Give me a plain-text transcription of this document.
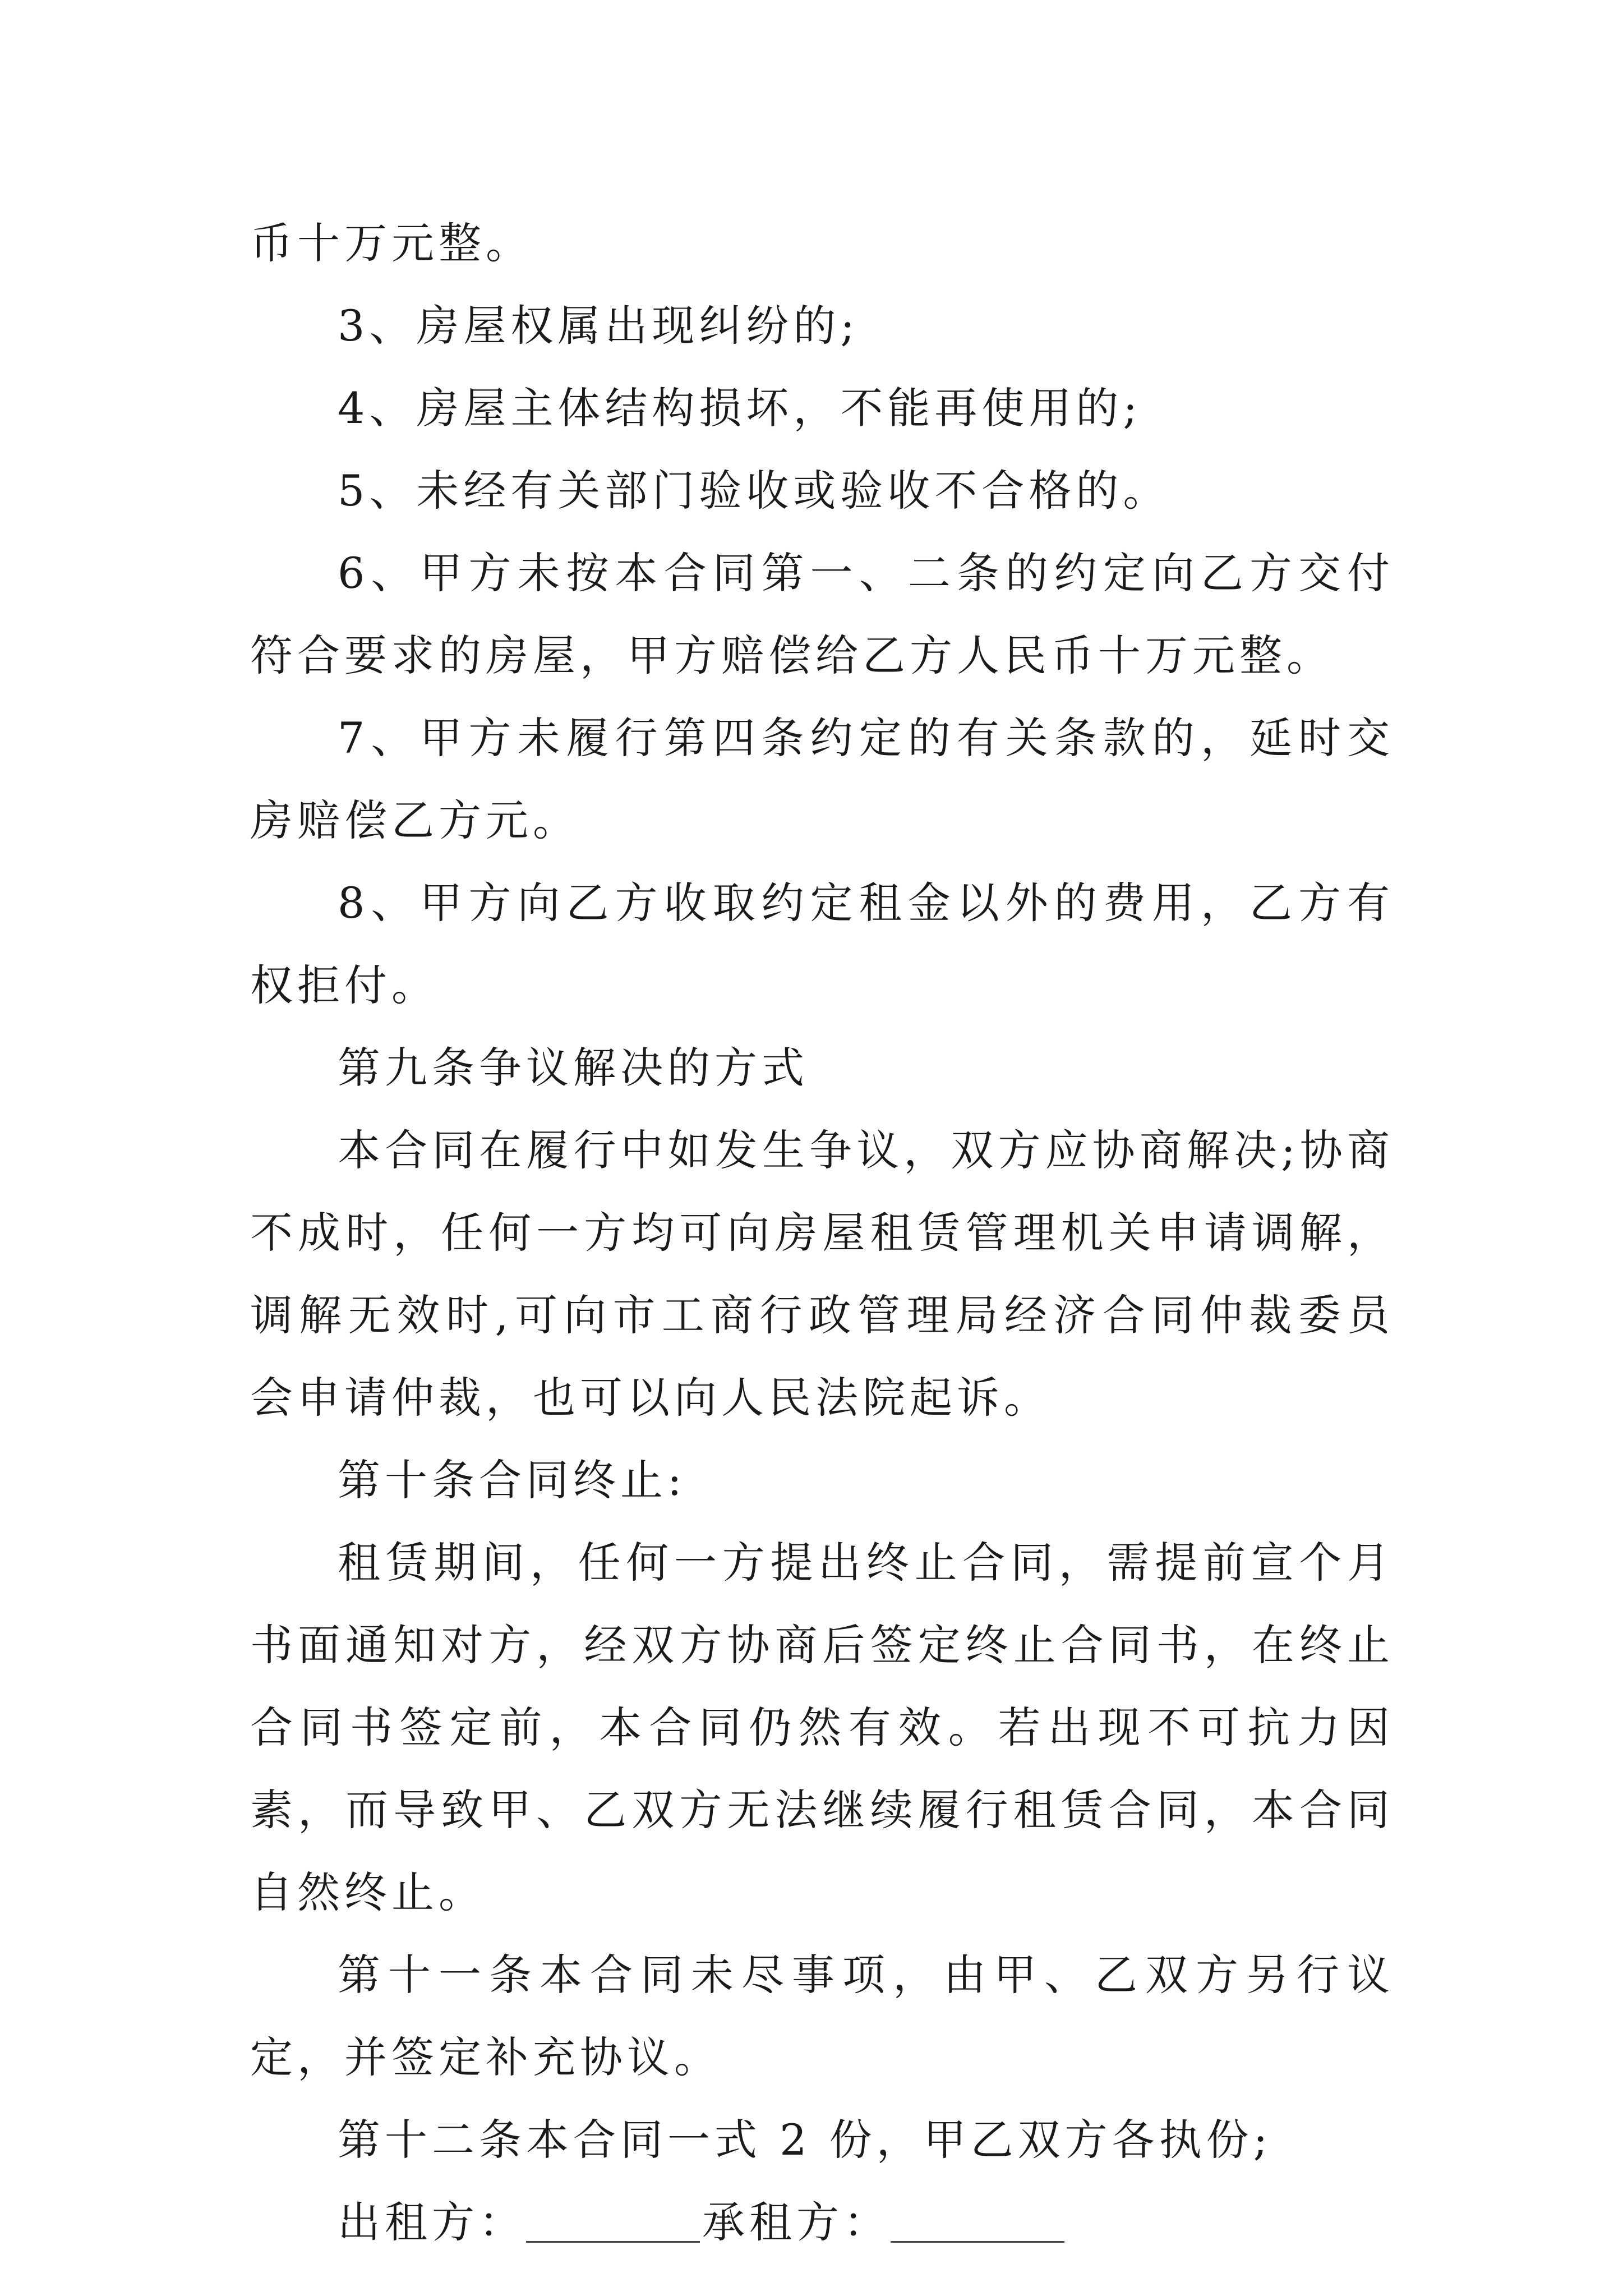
币十万元整。

3、房屋权属出现纠纷的;

4、房屋主体结构损坏，不能再使用的;

5、未经有关部门验收或验收不合格的。

6、甲方未按本合同第一、二条的约定向乙方交付符合要求的房屋，甲方赔偿给乙方人民币十万元整。

7、甲方未履行第四条约定的有关条款的，延时交房赔偿乙方元。

8、甲方向乙方收取约定租金以外的费用，乙方有权拒付。

第九条争议解决的方式

本合同在履行中如发生争议，双方应协商解决;协商不成时，任何一方均可向房屋租赁管理机关申请调解，调解无效时,可向市工商行政管理局经济合同仲裁委员会申请仲裁，也可以向人民法院起诉。

第十条合同终止:

租赁期间，任何一方提出终止合同，需提前宣个月书面通知对方，经双方协商后签定终止合同书，在终止合同书签定前，本合同仍然有效。若出现不可抗力因素，而导致甲、乙双方无法继续履行租赁合同，本合同自然终止。

第十一条本合同未尽事项，由甲、乙双方另行议定，并签定补充协议。

第十二条本合同一式 2 份，甲乙双方各执份;

出租方：	承租方：
